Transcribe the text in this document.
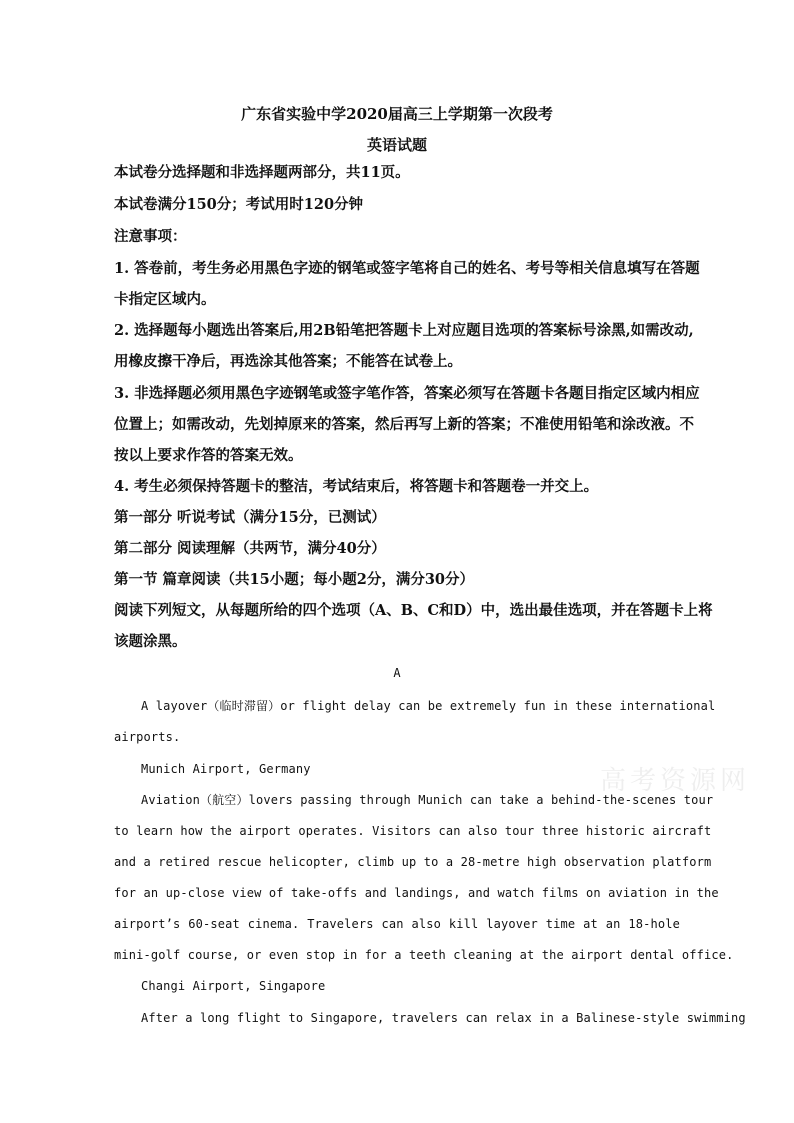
广东省实验中学2020届高三上学期第一次段考
英语试题
本试卷分选择题和非选择题两部分，共11页。
本试卷满分150分；考试用时120分钟
注意事项：
1. 答卷前，考生务必用黑色字迹的钢笔或签字笔将自己的姓名、考号等相关信息填写在答题
卡指定区域内。
2. 选择题每小题选出答案后,用2B铅笔把答题卡上对应题目选项的答案标号涂黑,如需改动,
用橡皮擦干净后，再选涂其他答案；不能答在试卷上。
3. 非选择题必须用黑色字迹钢笔或签字笔作答，答案必须写在答题卡各题目指定区域内相应
位置上；如需改动，先划掉原来的答案，然后再写上新的答案；不准使用铅笔和涂改液。不
按以上要求作答的答案无效。
4. 考生必须保持答题卡的整洁，考试结束后，将答题卡和答题卷一并交上。
第一部分 听说考试（满分15分，已测试）
第二部分 阅读理解（共两节，满分40分）
第一节 篇章阅读（共15小题；每小题2分，满分30分）
阅读下列短文，从每题所给的四个选项（A、B、C和D）中，选出最佳选项，并在答题卡上将
该题涂黑。
A
A layover（临时滞留）or flight delay can be extremely fun in these international
airports.
Munich Airport, Germany
Aviation（航空）lovers passing through Munich can take a behind-the-scenes tour
to learn how the airport operates. Visitors can also tour three historic aircraft
and a retired rescue helicopter, climb up to a 28-metre high observation platform
for an up-close view of take-offs and landings, and watch films on aviation in the
airport’s 60-seat cinema. Travelers can also kill layover time at an 18-hole
mini-golf course, or even stop in for a teeth cleaning at the airport dental office.
Changi Airport, Singapore
After a long flight to Singapore, travelers can relax in a Balinese-style swimming
高考资源网
